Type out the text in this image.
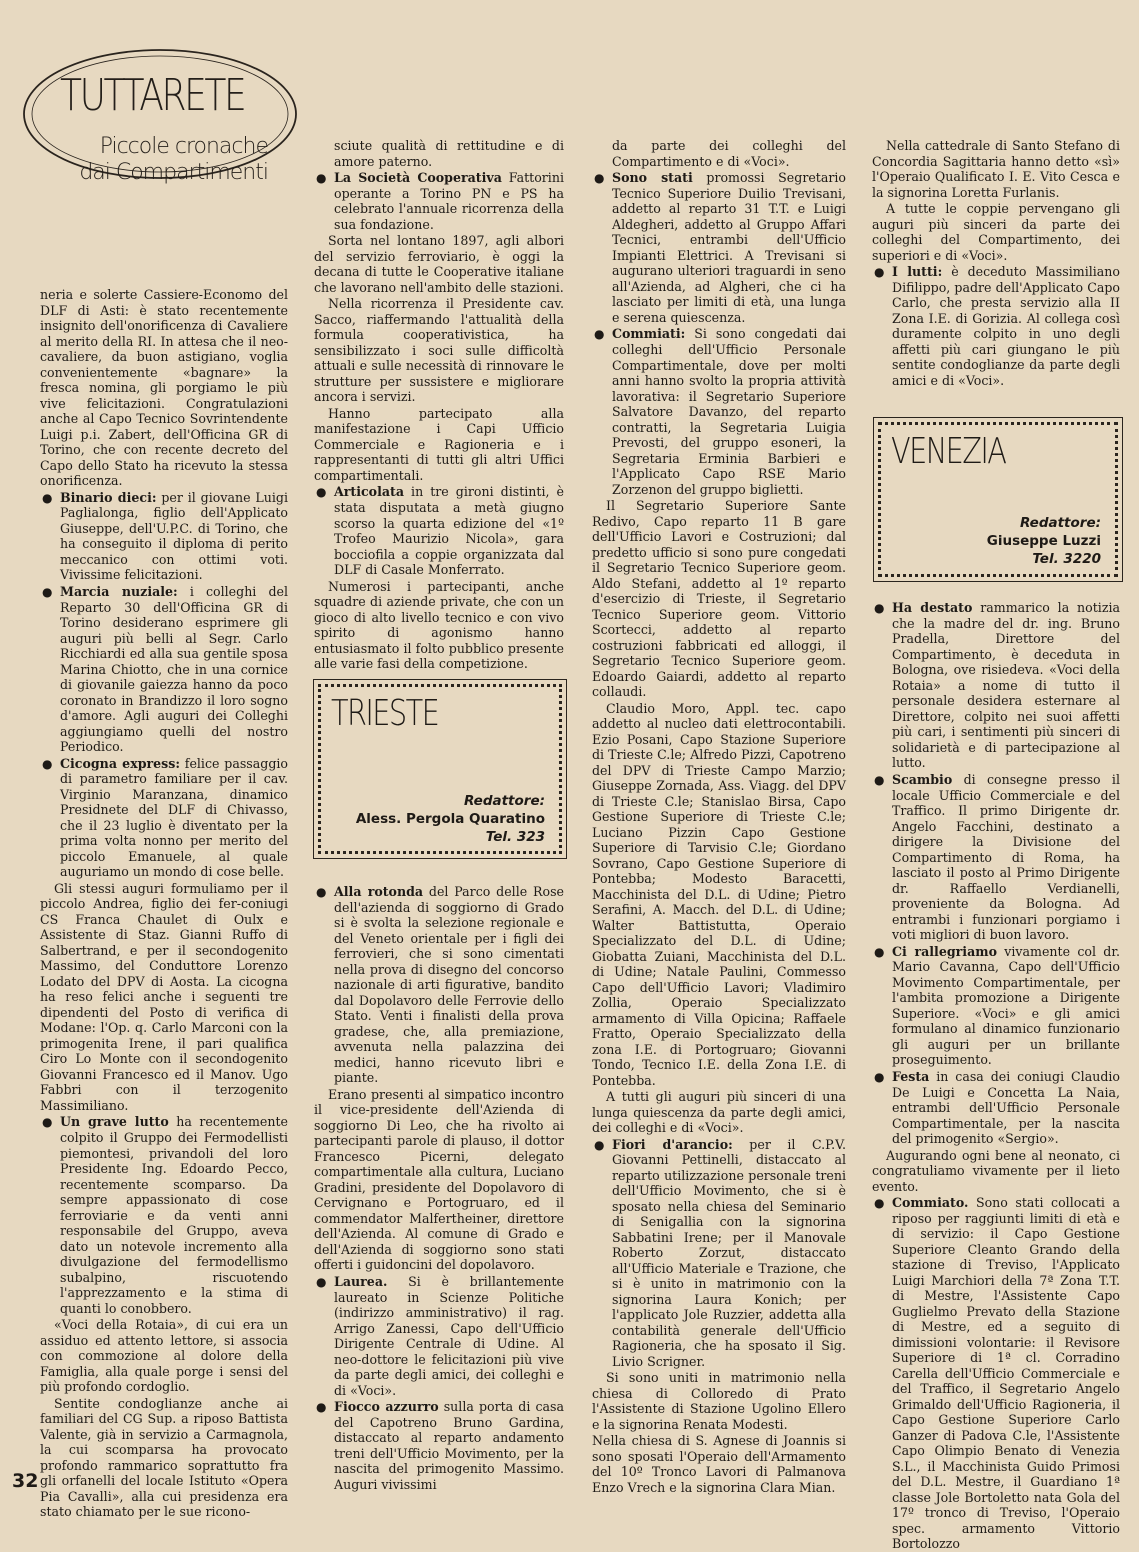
TUTTARETE
Piccole cronache
dai Compartimenti

neria e solerte Cassiere-Economo del DLF di Asti: è stato recentemente insignito dell'onorificenza di Cavaliere al merito della RI. In attesa che il neo-cavaliere, da buon astigiano, voglia convenientemente «bagnare» la fresca nomina, gli porgiamo le più vive felicitazioni. Congratulazioni anche al Capo Tecnico Sovrintendente Luigi p.i. Zabert, dell'Officina GR di Torino, che con recente decreto del Capo dello Stato ha ricevuto la stessa onorificenza.

● Binario dieci: per il giovane Luigi Paglialonga, figlio dell'Applicato Giuseppe, dell'U.P.C. di Torino, che ha conseguito il diploma di perito meccanico con ottimi voti. Vivissime felicitazioni.

● Marcia nuziale: i colleghi del Reparto 30 dell'Officina GR di Torino desiderano esprimere gli auguri più belli al Segr. Carlo Ricchiardi ed alla sua gentile sposa Marina Chiotto, che in una cornice di giovanile gaiezza hanno da poco coronato in Brandizzo il loro sogno d'amore. Agli auguri dei Colleghi aggiungiamo quelli del nostro Periodico.

● Cicogna express: felice passaggio di parametro familiare per il cav. Virginio Maranzana, dinamico Presidnete del DLF di Chivasso, che il 23 luglio è diventato per la prima volta nonno per merito del piccolo Emanuele, al quale auguriamo un mondo di cose belle.

Gli stessi auguri formuliamo per il piccolo Andrea, figlio dei fer-coniugi CS Franca Chaulet di Oulx e Assistente di Staz. Gianni Ruffo di Salbertrand, e per il secondogenito Massimo, del Conduttore Lorenzo Lodato del DPV di Aosta. La cicogna ha reso felici anche i seguenti tre dipendenti del Posto di verifica di Modane: l'Op. q. Carlo Marconi con la primogenita Irene, il pari qualifica Ciro Lo Monte con il secondogenito Giovanni Francesco ed il Manov. Ugo Fabbri con il terzogenito Massimiliano.

● Un grave lutto ha recentemente colpito il Gruppo dei Fermodellisti piemontesi, privandoli del loro Presidente Ing. Edoardo Pecco, recentemente scomparso. Da sempre appassionato di cose ferroviarie e da venti anni responsabile del Gruppo, aveva dato un notevole incremento alla divulgazione del fermodellismo subalpino, riscuotendo l'apprezzamento e la stima di quanti lo conobbero.

«Voci della Rotaia», di cui era un assiduo ed attento lettore, si associa con commozione al dolore della Famiglia, alla quale porge i sensi del più profondo cordoglio.

Sentite condoglianze anche ai familiari del CG Sup. a riposo Battista Valente, già in servizio a Carmagnola, la cui scomparsa ha provocato profondo rammarico soprattutto fra gli orfanelli del locale Istituto «Opera Pia Cavalli», alla cui presidenza era stato chiamato per le sue ricono-

sciute qualità di rettitudine e di amore paterno.

● La Società Cooperativa Fattorini operante a Torino PN e PS ha celebrato l'annuale ricorrenza della sua fondazione.

Sorta nel lontano 1897, agli albori del servizio ferroviario, è oggi la decana di tutte le Cooperative italiane che lavorano nell'ambito delle stazioni.

Nella ricorrenza il Presidente cav. Sacco, riaffermando l'attualità della formula cooperativistica, ha sensibilizzato i soci sulle difficoltà attuali e sulle necessità di rinnovare le strutture per sussistere e migliorare ancora i servizi.

Hanno partecipato alla manifestazione i Capi Ufficio Commerciale e Ragioneria e i rappresentanti di tutti gli altri Uffici compartimentali.

● Articolata in tre gironi distinti, è stata disputata a metà giugno scorso la quarta edizione del «1º Trofeo Maurizio Nicola», gara bocciofila a coppie organizzata dal DLF di Casale Monferrato.

Numerosi i partecipanti, anche squadre di aziende private, che con un gioco di alto livello tecnico e con vivo spirito di agonismo hanno entusiasmato il folto pubblico presente alle varie fasi della competizione.

TRIESTE
Redattore:
Aless. Pergola Quaratino
Tel. 323

● Alla rotonda del Parco delle Rose dell'azienda di soggiorno di Grado si è svolta la selezione regionale e del Veneto orientale per i figli dei ferrovieri, che si sono cimentati nella prova di disegno del concorso nazionale di arti figurative, bandito dal Dopolavoro delle Ferrovie dello Stato. Venti i finalisti della prova gradese, che, alla premiazione, avvenuta nella palazzina dei medici, hanno ricevuto libri e piante.

Erano presenti al simpatico incontro il vice-presidente dell'Azienda di soggiorno Di Leo, che ha rivolto ai partecipanti parole di plauso, il dottor Francesco Picerni, delegato compartimentale alla cultura, Luciano Gradini, presidente del Dopolavoro di Cervignano e Portogruaro, ed il commendator Malfertheiner, direttore dell'Azienda. Al comune di Grado e dell'Azienda di soggiorno sono stati offerti i guidoncini del dopolavoro.

● Laurea. Si è brillantemente laureato in Scienze Politiche (indirizzo amministrativo) il rag. Arrigo Zanessi, Capo dell'Ufficio Dirigente Centrale di Udine. Al neo-dottore le felicitazioni più vive da parte degli amici, dei colleghi e di «Voci».

● Fiocco azzurro sulla porta di casa del Capotreno Bruno Gardina, distaccato al reparto andamento treni dell'Ufficio Movimento, per la nascita del primogenito Massimo. Auguri vivissimi

da parte dei colleghi del Compartimento e di «Voci».

● Sono stati promossi Segretario Tecnico Superiore Duilio Trevisani, addetto al reparto 31 T.T. e Luigi Aldegheri, addetto al Gruppo Affari Tecnici, entrambi dell'Ufficio Impianti Elettrici. A Trevisani si augurano ulteriori traguardi in seno all'Azienda, ad Algheri, che ci ha lasciato per limiti di età, una lunga e serena quiescenza.

● Commiati: Si sono congedati dai colleghi dell'Ufficio Personale Compartimentale, dove per molti anni hanno svolto la propria attività lavorativa: il Segretario Superiore Salvatore Davanzo, del reparto contratti, la Segretaria Luigia Prevosti, del gruppo esoneri, la Segretaria Erminia Barbieri e l'Applicato Capo RSE Mario Zorzenon del gruppo biglietti.

Il Segretario Superiore Sante Redivo, Capo reparto 11 B gare dell'Ufficio Lavori e Costruzioni; dal predetto ufficio si sono pure congedati il Segretario Tecnico Superiore geom. Aldo Stefani, addetto al 1º reparto d'esercizio di Trieste, il Segretario Tecnico Superiore geom. Vittorio Scortecci, addetto al reparto costruzioni fabbricati ed alloggi, il Segretario Tecnico Superiore geom. Edoardo Gaiardi, addetto al reparto collaudi.

Claudio Moro, Appl. tec. capo addetto al nucleo dati elettrocontabili. Ezio Posani, Capo Stazione Superiore di Trieste C.le; Alfredo Pizzi, Capotreno del DPV di Trieste Campo Marzio; Giuseppe Zornada, Ass. Viagg. del DPV di Trieste C.le; Stanislao Birsa, Capo Gestione Superiore di Trieste C.le; Luciano Pizzin Capo Gestione Superiore di Tarvisio C.le; Giordano Sovrano, Capo Gestione Superiore di Pontebba; Modesto Baracetti, Macchinista del D.L. di Udine; Pietro Serafini, A. Macch. del D.L. di Udine; Walter Battistutta, Operaio Specializzato del D.L. di Udine; Giobatta Zuiani, Macchinista del D.L. di Udine; Natale Paulini, Commesso Capo dell'Ufficio Lavori; Vladimiro Zollia, Operaio Specializzato armamento di Villa Opicina; Raffaele Fratto, Operaio Specializzato della zona I.E. di Portogruaro; Giovanni Tondo, Tecnico I.E. della Zona I.E. di Pontebba.

A tutti gli auguri più sinceri di una lunga quiescenza da parte degli amici, dei colleghi e di «Voci».

● Fiori d'arancio: per il C.P.V. Giovanni Pettinelli, distaccato al reparto utilizzazione personale treni dell'Ufficio Movimento, che si è sposato nella chiesa del Seminario di Senigallia con la signorina Sabbatini Irene; per il Manovale Roberto Zorzut, distaccato all'Ufficio Materiale e Trazione, che si è unito in matrimonio con la signorina Laura Konich; per l'applicato Jole Ruzzier, addetta alla contabilità generale dell'Ufficio Ragioneria, che ha sposato il Sig. Livio Scrigner.

Si sono uniti in matrimonio nella chiesa di Colloredo di Prato l'Assistente di Stazione Ugolino Ellero e la signorina Renata Modesti.

Nella chiesa di S. Agnese di Joannis si sono sposati l'Operaio dell'Armamento del 10º Tronco Lavori di Palmanova Enzo Vrech e la signorina Clara Mian.

Nella cattedrale di Santo Stefano di Concordia Sagittaria hanno detto «sì» l'Operaio Qualificato I. E. Vito Cesca e la signorina Loretta Furlanis.

A tutte le coppie pervengano gli auguri più sinceri da parte dei colleghi del Compartimento, dei superiori e di «Voci».

● I lutti: è deceduto Massimiliano Difilippo, padre dell'Applicato Capo Carlo, che presta servizio alla II Zona I.E. di Gorizia. Al collega così duramente colpito in uno degli affetti più cari giungano le più sentite condoglianze da parte degli amici e di «Voci».

VENEZIA
Redattore:
Giuseppe Luzzi
Tel. 3220

● Ha destato rammarico la notizia che la madre del dr. ing. Bruno Pradella, Direttore del Compartimento, è deceduta in Bologna, ove risiedeva. «Voci della Rotaia» a nome di tutto il personale desidera esternare al Direttore, colpito nei suoi affetti più cari, i sentimenti più sinceri di solidarietà e di partecipazione al lutto.

● Scambio di consegne presso il locale Ufficio Commerciale e del Traffico. Il primo Dirigente dr. Angelo Facchini, destinato a dirigere la Divisione del Compartimento di Roma, ha lasciato il posto al Primo Dirigente dr. Raffaello Verdianelli, proveniente da Bologna. Ad entrambi i funzionari porgiamo i voti migliori di buon lavoro.

● Ci rallegriamo vivamente col dr. Mario Cavanna, Capo dell'Ufficio Movimento Compartimentale, per l'ambita promozione a Dirigente Superiore. «Voci» e gli amici formulano al dinamico funzionario gli auguri per un brillante proseguimento.

● Festa in casa dei coniugi Claudio De Luigi e Concetta La Naia, entrambi dell'Ufficio Personale Compartimentale, per la nascita del primogenito «Sergio».

Augurando ogni bene al neonato, ci congratuliamo vivamente per il lieto evento.

● Commiato. Sono stati collocati a riposo per raggiunti limiti di età e di servizio: il Capo Gestione Superiore Cleanto Grando della stazione di Treviso, l'Applicato Luigi Marchiori della 7ª Zona T.T. di Mestre, l'Assistente Capo Guglielmo Prevato della Stazione di Mestre, ed a seguito di dimissioni volontarie: il Revisore Superiore di 1ª cl. Corradino Carella dell'Ufficio Commerciale e del Traffico, il Segretario Angelo Grimaldo dell'Ufficio Ragioneria, il Capo Gestione Superiore Carlo Ganzer di Padova C.le, l'Assistente Capo Olimpio Benato di Venezia S.L., il Macchinista Guido Primosi del D.L. Mestre, il Guardiano 1ª classe Jole Bortoletto nata Gola del 17º tronco di Treviso, l'Operaio spec. armamento Vittorio Bortolozzo

32
